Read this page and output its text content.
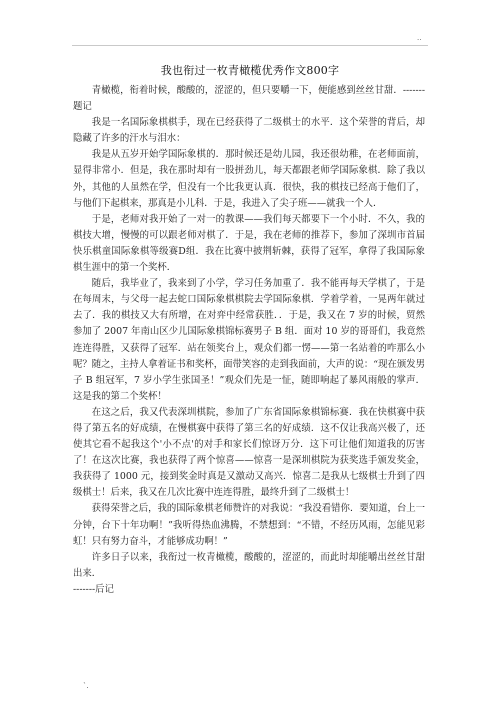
..
我也衔过一枚青橄榄优秀作文800字

青橄榄，衔着时候，酸酸的，涩涩的，但只要嚼一下，便能感到丝丝甘甜．-------题记

我是一名国际象棋棋手，现在已经获得了二级棋士的水平．这个荣誉的背后，却隐藏了许多的汗水与泪水：

我是从五岁开始学国际象棋的．那时候还是幼儿园，我还很幼稚，在老师面前，显得非常小．但是，我在那时却有一股拼劲儿，每天都跟老师学国际象棋．除了我以外，其他的人虽然在学，但没有一个比我更认真．很快，我的棋技已经高于他们了，与他们下起棋来，那真是小儿科．于是，我进入了尖子班——就我一个人．

于是，老师对我开始了一对一的教课——我们每天都要下一个小时．不久，我的棋技大增，慢慢的可以跟老师对棋了．于是，我在老师的推荐下，参加了深圳市首届快乐棋童国际象棋等级赛D组．我在比赛中披荆斩棘，获得了冠军，拿得了我国际象棋生涯中的第一个奖杯．

随后，我毕业了，我来到了小学，学习任务加重了．我不能再每天学棋了，于是在每周末，与父母一起去蛇口国际象棋棋院去学国际象棋．学着学着，一晃两年就过去了．我的棋技又大有所增，在对弈中经常获胜．．于是，我又在 7 岁的时候，贸然参加了 2007 年南山区少儿国际象棋锦标赛男子 B 组．面对 10 岁的哥哥们，我竟然连连得胜，又获得了冠军．站在领奖台上，观众们都一愣——第一名站着的咋那么小呢？随之，主持人拿着证书和奖杯，面带笑容的走到我面前，大声的说：“现在颁发男子 B 组冠军，7 岁小学生张国圣！”观众们先是一怔，随即响起了暴风雨般的掌声．这是我的第二个奖杯！

在这之后，我又代表深圳棋院，参加了广东省国际象棋锦标赛．我在快棋赛中获得了第五名的好成绩，在慢棋赛中获得了第三名的好成绩．这不仅让我高兴极了，还使其它看不起我这个'小不点'的对手和家长们惊讶万分．这下可让他们知道我的厉害了！在这次比赛，我也获得了两个惊喜——惊喜一是深圳棋院为获奖选手颁发奖金，我获得了 1000 元，接到奖金时真是又激动又高兴．惊喜二是我从七级棋士升到了四级棋士！后来，我又在几次比赛中连连得胜，最终升到了二级棋士！

获得荣誉之后，我的国际象棋老师赞许的对我说：“我没看错你．要知道，台上一分钟，台下十年功啊！”我听得热血沸腾，不禁想到：“不错，不经历风雨，怎能见彩虹！只有努力奋斗，才能够成功啊！”

许多日子以来，我衔过一枚青橄榄，酸酸的，涩涩的，而此时却能嚼出丝丝甘甜出来．

-------后记

`.
